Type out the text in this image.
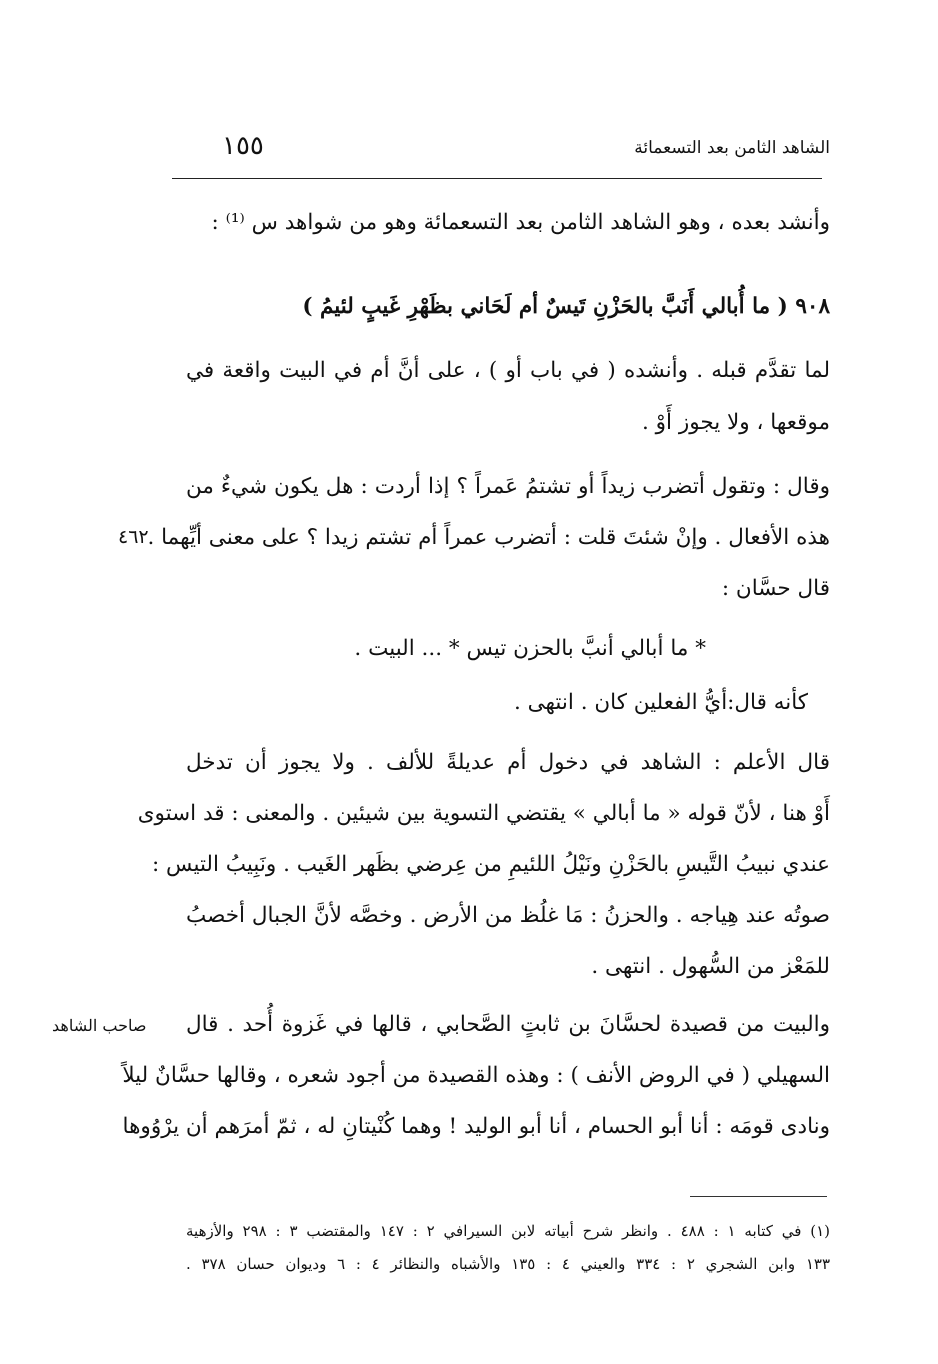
الشاهد الثامن بعد التسعمائة
١٥٥
وأنشد بعده ، وهو الشاهد الثامن بعد التسعمائة وهو من شواهد س ⁽¹⁾ :
٩٠٨ ( ما أُبالي أَنَبَّ بالحَزْنِ تَيسٌ أم لَحَاني بظَهْرِ غَيبٍ لئيمُ )
لما تقدَّم قبله . وأنشده ( في باب أو ) ، على أنَّ أم في البيت واقعة في
موقعها ، ولا يجوز أَوْ .
وقال : وتقول أتضرب زيداً أو تشتمُ عَمراً ؟ إذا أردت : هل يكون شيءٌ من
هذه الأفعال . وإنْ شئتَ قلت : أتضرب عمراً أم تشتم زيدا ؟ على معنى أيِّهما .
قال حسَّان :
* ما أبالي أنبَّ بالحزن تيس * ... البيت .
كأنه قال:أيُّ الفعلين كان . انتهى .
قال الأعلم : الشاهد في دخول أم عديلةً للألف . ولا يجوز أن تدخل
أَوْ هنا ، لأنّ قوله « ما أبالي » يقتضي التسوية بين شيئين . والمعنى : قد استوى
عندي نبيبُ التَّيسِ بالحَزْنِ ونَيْلُ اللئيمِ من عِرضي بظَهر الغَيب . ونَبِيبُ التيس :
صوتُه عند هِياجه . والحزنُ : مَا غلُظ من الأرض . وخصَّه لأنَّ الجبال أخصبُ
للمَعْز من السُّهول . انتهى .
والبيت من قصيدة لحسَّانَ بن ثابتٍ الصَّحابي ، قالها في غَزوة أُحد . قال
السهيلي ( في الروض الأنف ) : وهذه القصيدة من أجود شعره ، وقالها حسَّانٌ ليلاً
ونادى قومَه : أنا أبو الحسام ، أنا أبو الوليد ! وهما كُنْيتانِ له ، ثمّ أمرَهم أن يرْوُوها
٤٦٢
صاحب الشاهد
(١) في كتابه ١ : ٤٨٨ . وانظر شرح أبياته لابن السيرافي ٢ : ١٤٧ والمقتضب ٣ : ٢٩٨ والأزهية
١٣٣ وابن الشجري ٢ : ٣٣٤ والعيني ٤ : ١٣٥ والأشباه والنظائر ٤ : ٦ وديوان حسان ٣٧٨ .
